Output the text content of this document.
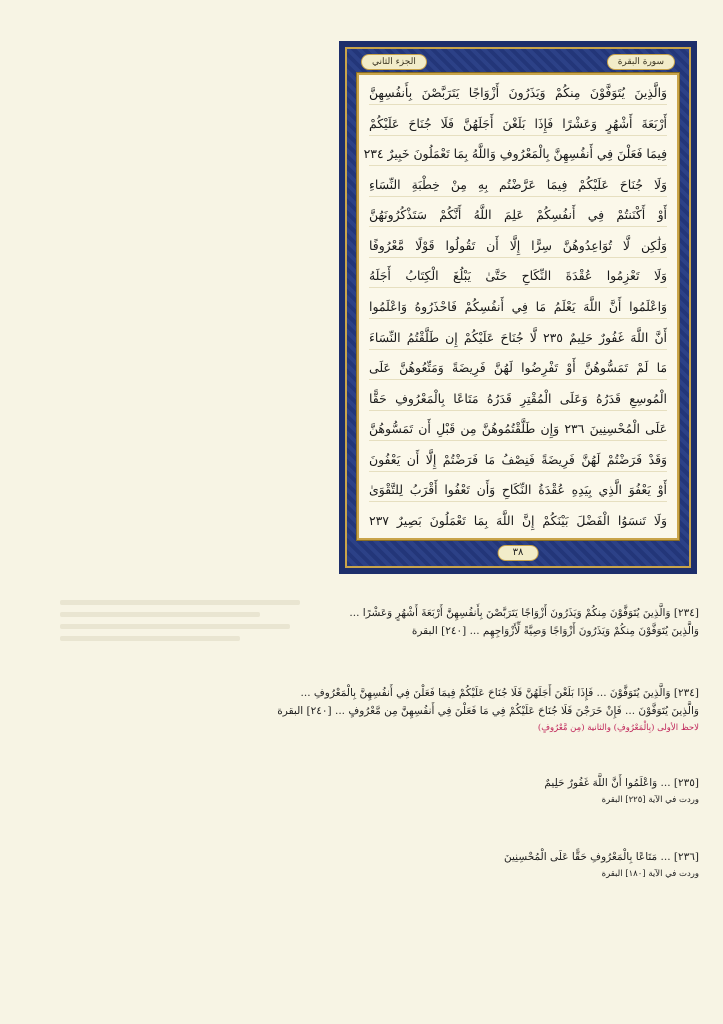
الجزء الثاني	سورة البقرة
وَالَّذِينَ يُتَوَفَّوْنَ مِنكُمْ وَيَذَرُونَ أَزْوَاجًا يَتَرَبَّصْنَ بِأَنفُسِهِنَّ
أَرْبَعَةَ أَشْهُرٍ وَعَشْرًا فَإِذَا بَلَغْنَ أَجَلَهُنَّ فَلَا جُنَاحَ عَلَيْكُمْ
فِيمَا فَعَلْنَ فِي أَنفُسِهِنَّ بِالْمَعْرُوفِ وَاللَّهُ بِمَا تَعْمَلُونَ خَبِيرٌ ٢٣٤
وَلَا جُنَاحَ عَلَيْكُمْ فِيمَا عَرَّضْتُم بِهِ مِنْ خِطْبَةِ النِّسَاءِ
أَوْ أَكْنَنتُمْ فِي أَنفُسِكُمْ عَلِمَ اللَّهُ أَنَّكُمْ سَتَذْكُرُونَهُنَّ
وَلَٰكِن لَّا تُوَاعِدُوهُنَّ سِرًّا إِلَّا أَن تَقُولُوا قَوْلًا مَّعْرُوفًا
وَلَا تَعْزِمُوا عُقْدَةَ النِّكَاحِ حَتَّىٰ يَبْلُغَ الْكِتَابُ أَجَلَهُ
وَاعْلَمُوا أَنَّ اللَّهَ يَعْلَمُ مَا فِي أَنفُسِكُمْ فَاحْذَرُوهُ وَاعْلَمُوا
أَنَّ اللَّهَ غَفُورٌ حَلِيمٌ ٢٣٥ لَّا جُنَاحَ عَلَيْكُمْ إِن طَلَّقْتُمُ النِّسَاءَ
مَا لَمْ تَمَسُّوهُنَّ أَوْ تَفْرِضُوا لَهُنَّ فَرِيضَةً وَمَتِّعُوهُنَّ عَلَى
الْمُوسِعِ قَدَرُهُ وَعَلَى الْمُقْتِرِ قَدَرُهُ مَتَاعًا بِالْمَعْرُوفِ حَقًّا
عَلَى الْمُحْسِنِينَ ٢٣٦ وَإِن طَلَّقْتُمُوهُنَّ مِن قَبْلِ أَن تَمَسُّوهُنَّ
وَقَدْ فَرَضْتُمْ لَهُنَّ فَرِيضَةً فَنِصْفُ مَا فَرَضْتُمْ إِلَّا أَن يَعْفُونَ
أَوْ يَعْفُوَ الَّذِي بِيَدِهِ عُقْدَةُ النِّكَاحِ وَأَن تَعْفُوا أَقْرَبُ لِلتَّقْوَىٰ
وَلَا تَنسَوُا الْفَضْلَ بَيْنَكُمْ إِنَّ اللَّهَ بِمَا تَعْمَلُونَ بَصِيرٌ ٢٣٧
٣٨
[٢٣٤] وَالَّذِينَ يُتَوَفَّوْنَ مِنكُمْ وَيَذَرُونَ أَزْوَاجًا يَتَرَبَّصْنَ بِأَنفُسِهِنَّ أَرْبَعَةَ أَشْهُرٍ وَعَشْرًا ...
وَالَّذِينَ يُتَوَفَّوْنَ مِنكُمْ وَيَذَرُونَ أَزْوَاجًا وَصِيَّةً لِّأَزْوَاجِهِم ... [٢٤٠] البقرة
[٢٣٤] وَالَّذِينَ يُتَوَفَّوْنَ ... فَإِذَا بَلَغْنَ أَجَلَهُنَّ فَلَا جُنَاحَ عَلَيْكُمْ فِيمَا فَعَلْنَ فِي أَنفُسِهِنَّ بِالْمَعْرُوفِ ...
وَالَّذِينَ يُتَوَفَّوْنَ ... فَإِنْ خَرَجْنَ فَلَا جُنَاحَ عَلَيْكُمْ فِي مَا فَعَلْنَ فِي أَنفُسِهِنَّ مِن مَّعْرُوفٍ ... [٢٤٠] البقرة
لاحظ الأولى (بِالْمَعْرُوفِ) والثانية (مِن مَّعْرُوفٍ)
[٢٣٥] ... وَاعْلَمُوا أَنَّ اللَّهَ غَفُورٌ حَلِيمٌ
وردت في الآية [٢٢٥] البقرة
[٢٣٦] ... مَتَاعًا بِالْمَعْرُوفِ حَقًّا عَلَى الْمُحْسِنِينَ
وردت في الآية [١٨٠] البقرة
